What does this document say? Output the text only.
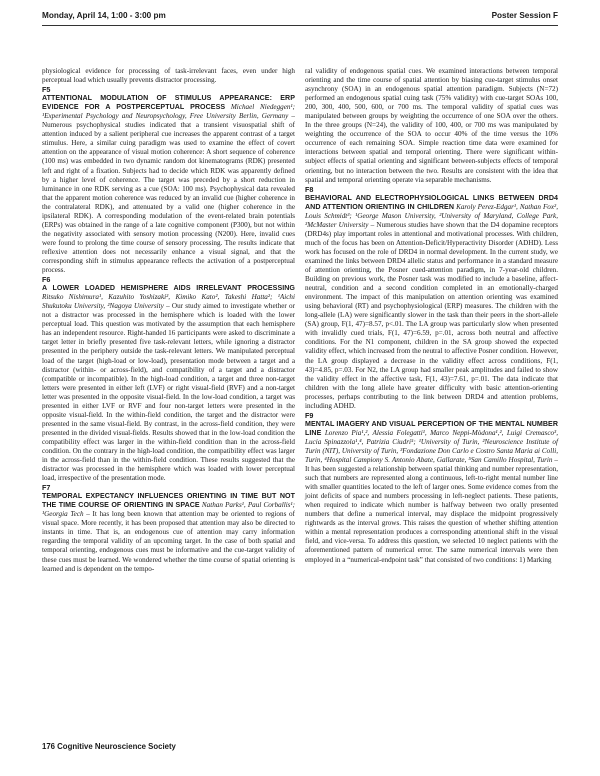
Monday, April 14, 1:00 - 3:00 pm	Poster Session F

physiological evidence for processing of task-irrelevant faces, even under high perceptual load which usually prevents distractor processing.

F5

ATTENTIONAL MODULATION OF STIMULUS APPEARANCE: ERP EVIDENCE FOR A POSTPERCEPTUAL PROCESS Michael Niedeggen¹; ¹Experimental Psychology and Neuropsychology, Free University Berlin, Germany – Numerous psychophysical studies indicated that a transient visuospatial shift of attention induced by a salient peripheral cue increases the apparent contrast of a target stimulus. Here, a similar cuing paradigm was used to examine the effect of covert attention on the appearance of visual motion coherence: A short sequence of coherence (100 ms) was embedded in two dynamic random dot kinematograms (RDK) presented left and right of a fixation. Subjects had to decide which RDK was apparently defined by a higher level of coherence. The target was preceded by a short reduction in luminance in one RDK serving as a cue (SOA: 100 ms). Psychophysical data revealed that the apparent motion coherence was reduced by an invalid cue (higher coherence in the contralateral RDK), and attenuated by a valid one (higher coherence in the ipsilateral RDK). A corresponding modulation of the event-related brain potentials (ERPs) was obtained in the range of a late cognitive component (P300), but not within the negativity associated with sensory motion processing (N200). Here, invalid cues were found to prolong the time course of sensory processing. The results indicate that reflexive attention does not necessarily enhance a visual signal, and that the corresponding shift in stimulus appearance reflects the activation of a postperceptual process.

F6

A LOWER LOADED HEMISPHERE AIDS IRRELEVANT PROCESSING Ritsuko Nishimura¹, Kazuhito Yoshizaki², Kimiko Kato², Takeshi Hatta²; ¹Aichi Shukutoku University, ²Nagoya University – Our study aimed to investigate whether or not a distractor was processed in the hemisphere which is loaded with the lower perceptual load. This question was motivated by the assumption that each hemisphere has an independent resource. Right-handed 16 participants were asked to discriminate a target letter in briefly presented five task-relevant letters, while ignoring a distractor presented in the periphery outside the task-relevant letters. We manipulated perceptual load of the target (high-load or low-load), presentation mode between a target and a distractor (within- or across-field), and compatibility of a target and a distractor (compatible or incompatible). In the high-load condition, a target and three non-target letters were presented in either left (LVF) or right visual-field (RVF) and a non-target letter was presented in the opposite visual-field. In the low-load condition, a target was presented in either LVF or RVF and four non-target letters were presented in the opposite visual-field. In the within-field condition, the target and the distractor were presented in the same visual-field. By contrast, in the across-field condition, they were presented in the divided visual-fields. Results showed that in the low-load condition the compatibility effect was larger in the within-field condition than in the across-field condition. On the contrary in the high-load condition, the compatibility effect was larger in the across-field than in the within-field condition. These results suggested that the distractor was processed in the hemisphere which was loaded with lower perceptual load, irrespective of the presentation mode.

F7

TEMPORAL EXPECTANCY INFLUENCES ORIENTING IN TIME BUT NOT THE TIME COURSE OF ORIENTING IN SPACE Nathan Parks¹, Paul Corballis¹; ¹Georgia Tech – It has long been known that attention may be oriented to regions of visual space. More recently, it has been proposed that attention may also be directed to instants in time. That is, an endogenous cue of attention may carry information regarding the temporal validity of an upcoming target. In the case of both spatial and temporal orienting, endogenous cues must be informative and the cue-target validity of these cues must be learned. We wondered whether the time course of spatial orienting is learned and is dependent on the tempo-

ral validity of endogenous spatial cues. We examined interactions between temporal orienting and the time course of spatial attention by biasing cue-target stimulus onset asynchrony (SOA) in an endogenous spatial attention paradigm. Subjects (N=72) performed an endogenous spatial cuing task (75% validity) with cue-target SOAs 100, 200, 300, 400, 500, 600, or 700 ms. The temporal validity of spatial cues was manipulated between groups by weighting the occurrence of one SOA over the others. In the three groups (N=24), the validity of 100, 400, or 700 ms was manipulated by weighting the occurrence of the SOA to occur 40% of the time versus the 10% occurrence of each remaining SOA. Simple reaction time data were examined for interactions between spatial and temporal orienting. There were significant within-subject effects of spatial orienting and significant between-subjects effects of temporal orienting, but no interaction between the two. Results are consistent with the idea that spatial and temporal orienting operate via separable mechanisms.

F8

BEHAVIORAL AND ELECTROPHYSIOLOGICAL LINKS BETWEEN DRD4 AND ATTENTION ORIENTING IN CHILDREN Karoly Perez-Edgar¹, Nathan Fox², Louis Schmidt³; ¹George Mason University, ²University of Maryland, College Park, ³McMaster University – Numerous studies have shown that the D4 dopamine receptors (DRD4s) play important roles in attentional and motivational processes. With children, much of the focus has been on Attention-Deficit/Hyperactivity Disorder (ADHD). Less work has focused on the role of DRD4 in normal development. In the current study, we examined the links between DRD4 allelic status and performance in a standard measure of attention orienting, the Posner cued-attention paradigm, in 7-year-old children. Building on previous work, the Posner task was modified to include a baseline, affect-neutral, condition and a second condition completed in an emotionally-charged environment. The impact of this manipulation on attention orienting was examined using behavioral (RT) and psychophysiological (ERP) measures. The children with the long-allele (LA) were significantly slower in the task than their peers in the short-allele (SA) group, F(1, 47)=8.57, p<.01. The LA group was particularly slow when presented with invalidly cued trials, F(1, 47)=6.59, p=.01, across both neutral and affective conditions. For the N1 component, children in the SA group showed the expected validity effect, which increased from the neutral to affective Posner condition. However, the LA group displayed a decrease in the validity effect across conditions, F(1, 43)=4.85, p=.03. For N2, the LA group had smaller peak amplitudes and failed to show the validity effect in the affective task, F(1, 43)=7.61, p=.01. The data indicate that children with the long allele have greater difficulty with basic attention-orienting processes, perhaps contributing to the link between DRD4 and attention problems, including ADHD.

F9

MENTAL IMAGERY AND VISUAL PERCEPTION OF THE MENTAL NUMBER LINE Lorenzo Pia¹,², Alessia Folegatti¹, Marco Neppi-Mòdona¹,², Luigi Cremasco³, Lucia Spinazzola¹,⁴, Patrizia Ciudri⁵; ¹University of Turin, ²Neuroscience Institute of Turin (NIT), University of Turin, ³Fondazione Don Carlo e Costro Santa Maria ai Colli, Turin, ⁴Hospital Campiony S. Antonio Abate, Gallarate, ⁵San Camillo Hospital, Turin – It has been suggested a relationship between spatial thinking and number representation, such that numbers are represented along a continuous, left-to-right mental number line with smaller quantities located to the left of larger ones. Some evidence comes from the joint deficits of space and numbers processing in left-neglect patients. These patients, when required to indicate which number is halfway between two orally presented numbers that define a numerical interval, may displace the midpoint progressively rightwards as the interval grows. This raises the question of whether shifting attention within a mental representation produces a corresponding attentional shift in the visual field, and vice-versa. To address this question, we selected 10 neglect patients with the aforementioned pattern of numerical error. The same numerical intervals were then employed in a “numerical-endpoint task” that consisted of two conditions: 1) Marking

176 Cognitive Neuroscience Society
